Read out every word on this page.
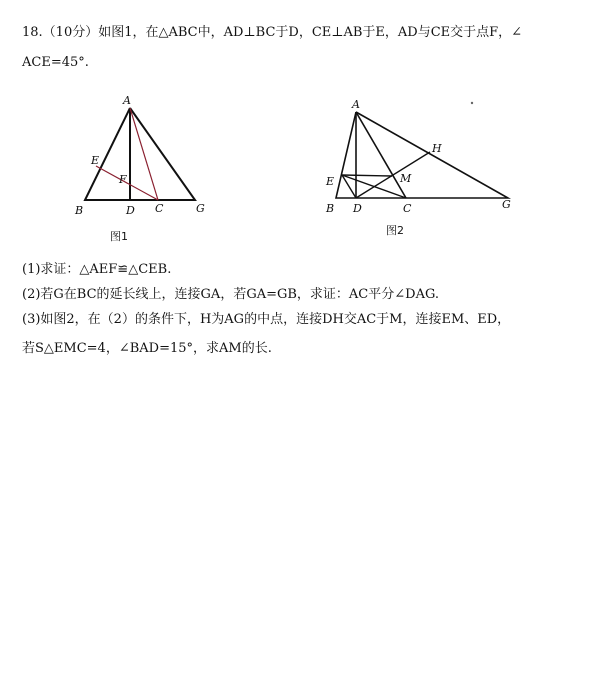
18.（10分）如图1，在△ABC中，AD⊥BC于D，CE⊥AB于E，AD与CE交于点F，∠
ACE=45°.
A
B	D C	G
E
F
图1
A
B D	C	G
E	M
H
图2
(1)求证：△AEF≌△CEB.
(2)若G在BC的延长线上，连接GA，若GA=GB，求证：AC平分∠DAG.
(3)如图2，在（2）的条件下，H为AG的中点，连接DH交AC于M，连接EM、ED，
若S△EMC=4，∠BAD=15°，求AM的长.
